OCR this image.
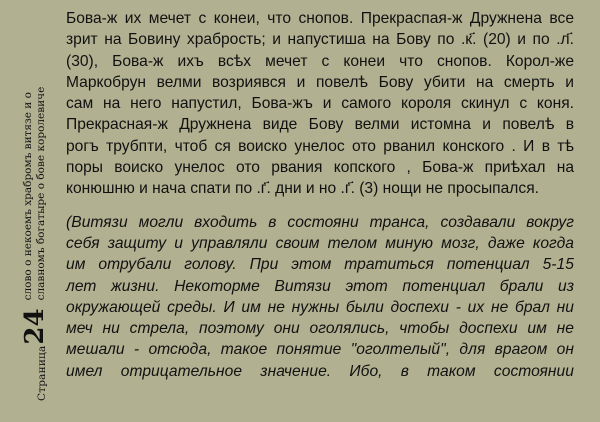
Страница
24
слово о некоемъ храбромъ витязе и о славномъ богатыре о бове королевиче

Бова-ж их мечет с конеи, что снопов. Прекраспая-ж Дружнена все
зрит на Бовину храбрость; и напустиша на Бову по .к҃. (20) и по .л҃.
(30), Бова-ж ихъ всѣх мечет с конеи что снопов. Корол-же
Маркобрун велми возриявся и повелѣ Бову убити на смерть и
сам на него напустил, Бова-жъ и самого короля скинул с коня.
Прекрасная-ж Дружнена виде Бову велми истомна и повелѣ в
рогъ трубпти, чтоб ся воиско унелос ото рванил конского . И в тѣ
поры воиско унелос ото рвания копского , Бова-ж приѣхал на
конюшню и нача спати по .г҃. дни и но .г҃. (3) нощи не просыпался.

(Витязи могли входить в состояни транса, создавали вокруг
себя защиту и управляли своим телом миную мозг, даже когда
им отрубали голову. При этом тратиться потенциал 5-15
лет жизни. Некоторме Витязи этот потенциал брали из
окружающей среды. И им не нужны были доспехи - их не брал ни
меч ни стрела, поэтому они оголялись, чтобы доспехи им не
мешали - отсюда, такое понятие "оголтелый", для врагом он
имел отрицательное значение. Ибо, в таком состоянии
